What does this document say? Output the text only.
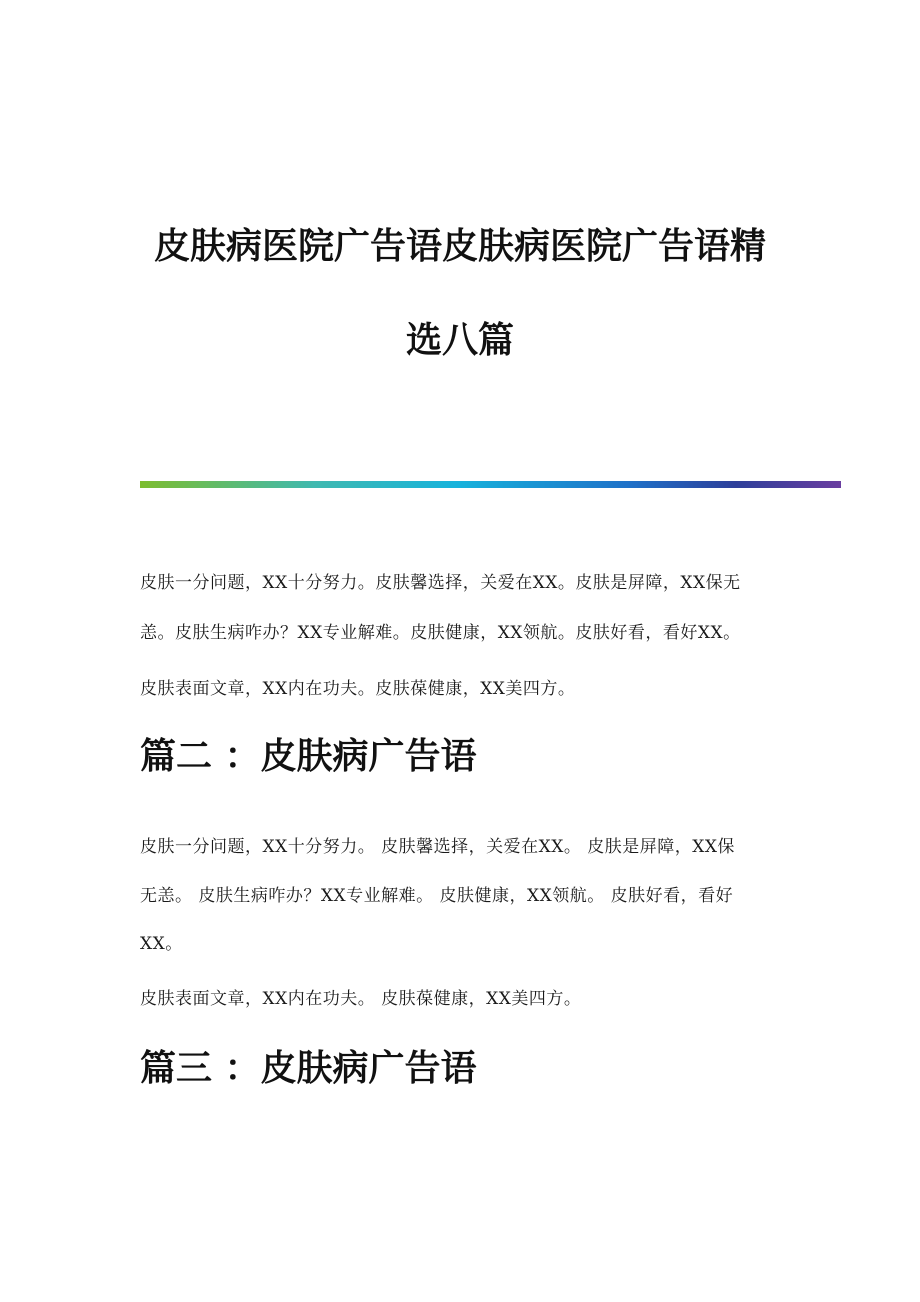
皮肤病医院广告语皮肤病医院广告语精
选八篇
皮肤一分问题，XX十分努力。皮肤馨选择，关爱在XX。皮肤是屏障，XX保无
恙。皮肤生病咋办？XX专业解难。皮肤健康，XX领航。皮肤好看，看好XX。
皮肤表面文章，XX内在功夫。皮肤葆健康，XX美四方。
篇二 ：皮肤病广告语
皮肤一分问题，XX十分努力。 皮肤馨选择，关爱在XX。 皮肤是屏障，XX保
无恙。 皮肤生病咋办？XX专业解难。 皮肤健康，XX领航。 皮肤好看，看好
XX。
皮肤表面文章，XX内在功夫。 皮肤葆健康，XX美四方。
篇三 ：皮肤病广告语
